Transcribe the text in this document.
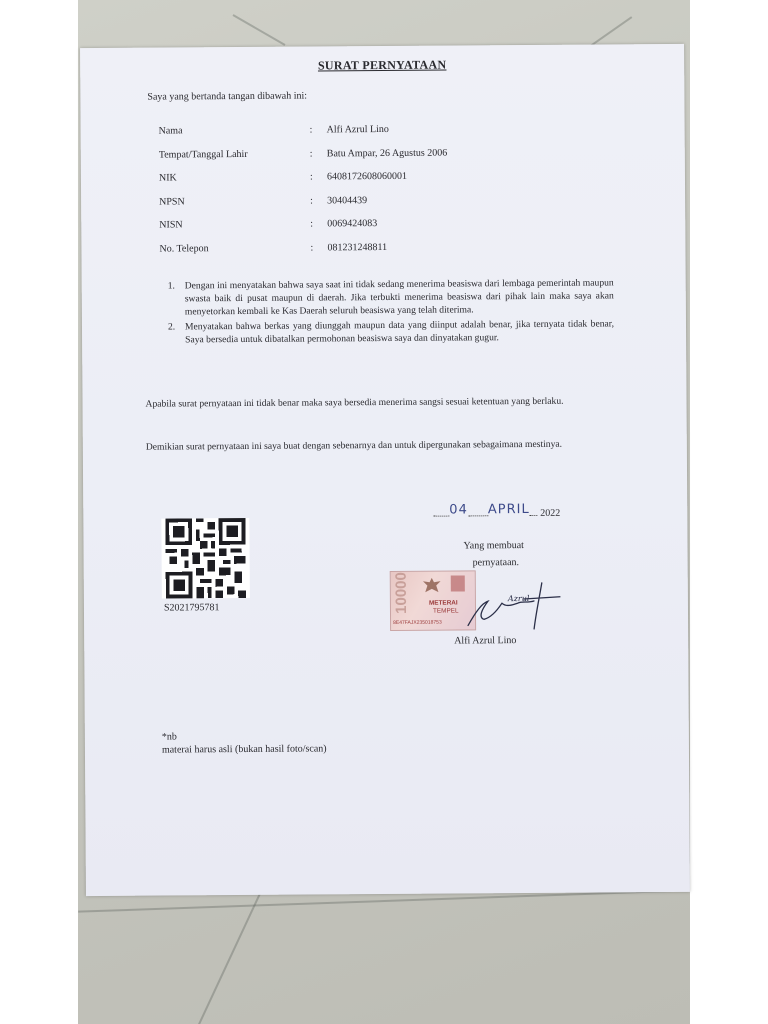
SURAT PERNYATAAN
Saya yang bertanda tangan dibawah ini:
Nama	: Alfi Azrul Lino
Tempat/Tanggal Lahir	: Batu Ampar, 26 Agustus 2006
NIK	: 6408172608060001
NPSN	: 30404439
NISN	: 0069424083
No. Telepon	: 081231248811
1. Dengan ini menyatakan bahwa saya saat ini tidak sedang menerima beasiswa dari lembaga pemerintah maupun swasta baik di pusat maupun di daerah. Jika terbukti menerima beasiswa dari pihak lain maka saya akan menyetorkan kembali ke Kas Daerah seluruh beasiswa yang telah diterima.
2. Menyatakan bahwa berkas yang diunggah maupun data yang diinput adalah benar, jika ternyata tidak benar, Saya bersedia untuk dibatalkan permohonan beasiswa saya dan dinyatakan gugur.
Apabila surat pernyataan ini tidak benar maka saya bersedia menerima sangsi sesuai ketentuan yang berlaku.
Demikian surat pernyataan ini saya buat dengan sebenarnya dan untuk dipergunakan sebagaimana mestinya.
S2021795781
04 APRIL 2022
Yang membuat
pernyataan.
10000	METERAI
TEMPEL
8E47FAJX235018753
Azrul
Alfi Azrul Lino
*nb
materai harus asli (bukan hasil foto/scan)
